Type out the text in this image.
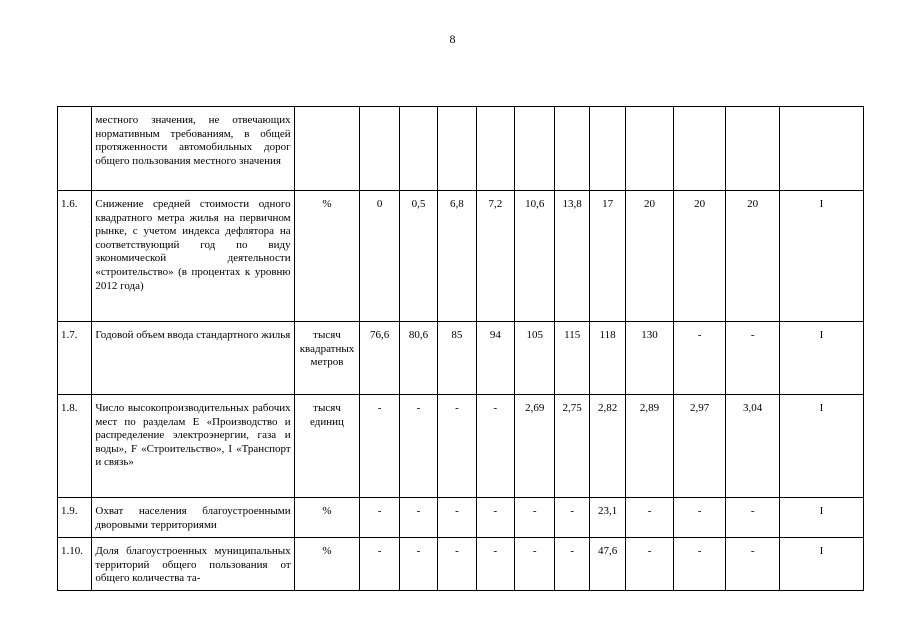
8
	местного значения, не отвечающих нормативным требованиям, в общей протяженности автомобильных дорог общего пользования местного значения												
1.6.	Снижение средней стоимости одного квадратного метра жилья на первичном рынке, с учетом индекса дефлятора на соответствующий год по виду экономической деятельности «строительство» (в процентах к уровню 2012 года)	%	0	0,5	6,8	7,2	10,6	13,8	17	20	20	20	I
1.7.	Годовой объем ввода стандартного жилья	тысяч квадратных метров	76,6	80,6	85	94	105	115	118	130	-	-	I
1.8.	Число высокопроизводительных рабочих мест по разделам E «Производство и распределение электроэнергии, газа и воды», F «Строительство», I «Транспорт и связь»	тысяч единиц	-	-	-	-	2,69	2,75	2,82	2,89	2,97	3,04	I
1.9.	Охват населения благоустроенными дворовыми территориями	%	-	-	-	-	-	-	23,1	-	-	-	I
1.10.	Доля благоустроенных муниципальных территорий общего пользования от общего количества та-	%	-	-	-	-	-	-	47,6	-	-	-	I
